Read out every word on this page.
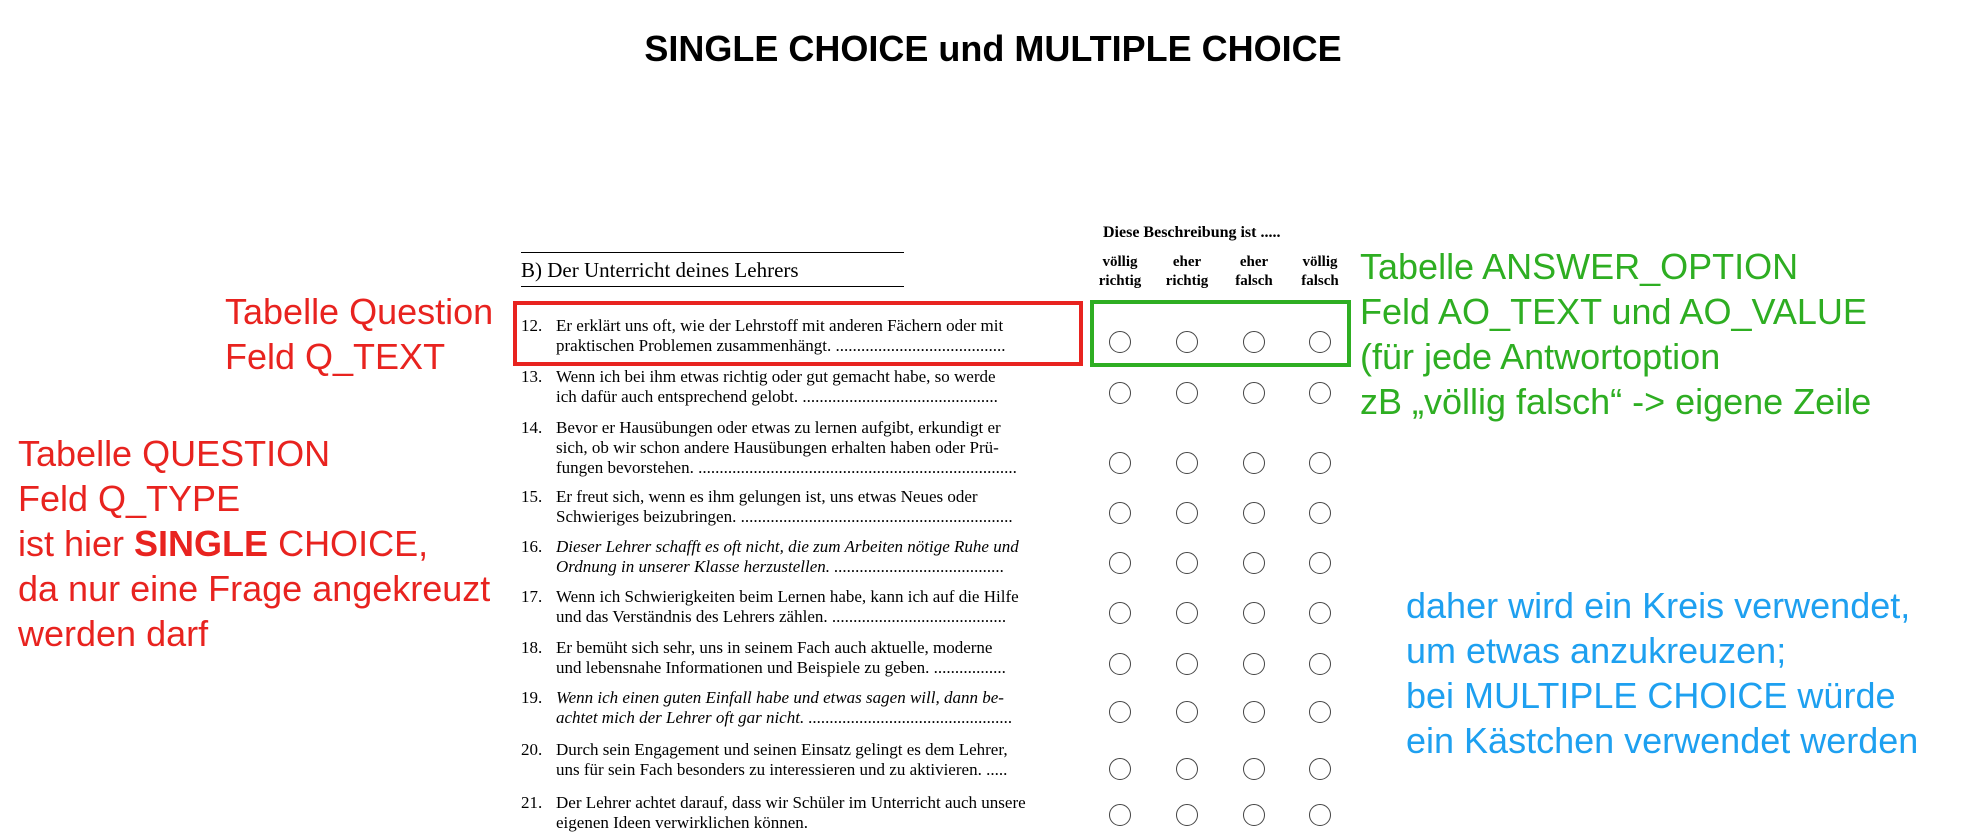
SINGLE CHOICE und MULTIPLE CHOICE
B) Der Unterricht deines Lehrers
Diese Beschreibung ist .....
völlig
richtig
eher
richtig
eher
falsch
völlig
falsch
12. Er erklärt uns oft, wie der Lehrstoff mit anderen Fächern oder mit
praktischen Problemen zusammenhängt. ........................................
13. Wenn ich bei ihm etwas richtig oder gut gemacht habe, so werde
ich dafür auch entsprechend gelobt. ..............................................
14. Bevor er Hausübungen oder etwas zu lernen aufgibt, erkundigt er
sich, ob wir schon andere Hausübungen erhalten haben oder Prü-
fungen bevorstehen. ...........................................................................
15. Er freut sich, wenn es ihm gelungen ist, uns etwas Neues oder
Schwieriges beizubringen. ................................................................
16. Dieser Lehrer schafft es oft nicht, die zum Arbeiten nötige Ruhe und
Ordnung in unserer Klasse herzustellen. ........................................
17. Wenn ich Schwierigkeiten beim Lernen habe, kann ich auf die Hilfe
und das Verständnis des Lehrers zählen. .........................................
18. Er bemüht sich sehr, uns in seinem Fach auch aktuelle, moderne
und lebensnahe Informationen und Beispiele zu geben. .................
19. Wenn ich einen guten Einfall habe und etwas sagen will, dann be-
achtet mich der Lehrer oft gar nicht. ................................................
20. Durch sein Engagement und seinen Einsatz gelingt es dem Lehrer,
uns für sein Fach besonders zu interessieren und zu aktivieren. .....
21. Der Lehrer achtet darauf, dass wir Schüler im Unterricht auch unsere
eigenen Ideen verwirklichen können.
Tabelle Question
Feld Q_TEXT
Tabelle QUESTION
Feld Q_TYPE
ist hier SINGLE CHOICE,
da nur eine Frage angekreuzt
werden darf
Tabelle ANSWER_OPTION
Feld AO_TEXT und AO_VALUE
(für jede Antwortoption
zB „völlig falsch“ -> eigene Zeile
daher wird ein Kreis verwendet,
um etwas anzukreuzen;
bei MULTIPLE CHOICE würde
ein Kästchen verwendet werden
